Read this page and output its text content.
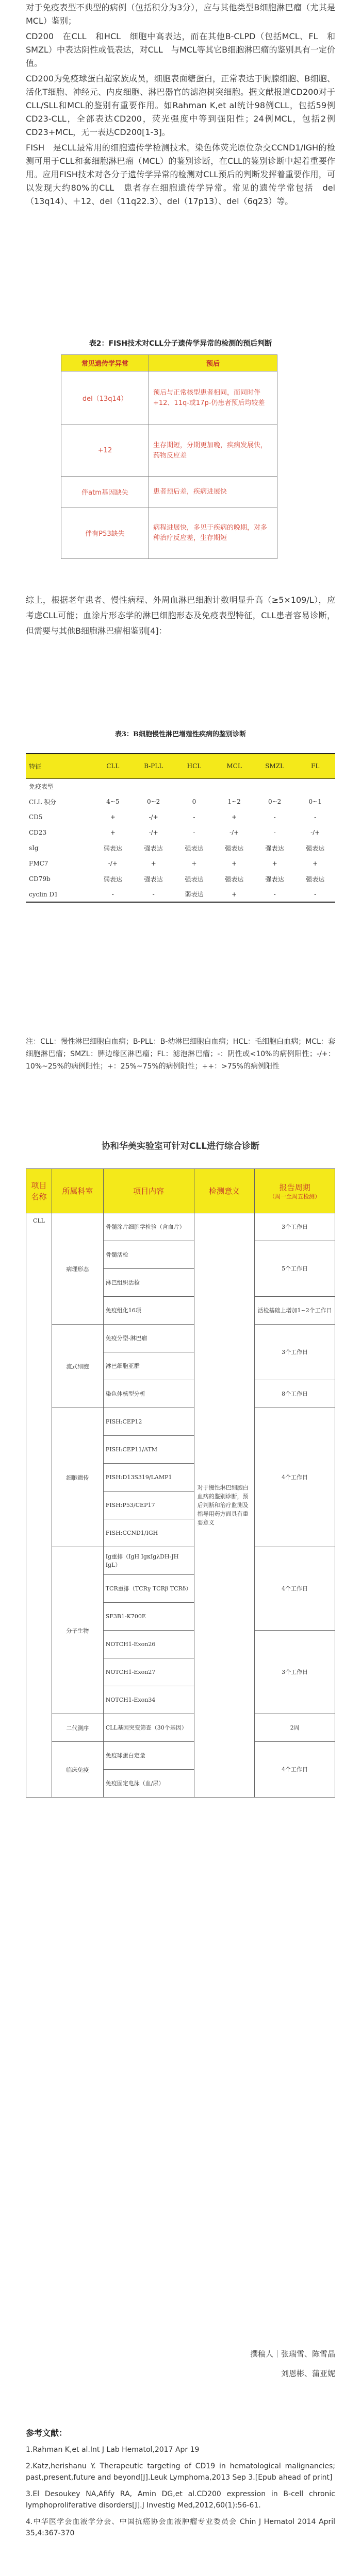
对于免疫表型不典型的病例（包括积分为3分），应与其他类型B细胞淋巴瘤（尤其是MCL）鉴别；

CD200　在CLL　和HCL　细胞中高表达，而在其他B-CLPD（包括MCL、FL　和SMZL）中表达阴性或低表达，对CLL　与MCL等其它B细胞淋巴瘤的鉴别具有一定价值。

CD200为免疫球蛋白超家族成员，细胞表面糖蛋白，正常表达于胸腺细胞、B细胞、活化T细胞、神经元、内皮细胞、淋巴器官的滤泡树突细胞。据文献报道CD200对于CLL/SLL和MCL的鉴别有重要作用。如Rahman K,et al统计98例CLL，包括59例CD23-CLL，全部表达CD200，荧光强度中等到强阳性；24例MCL，包括2例CD23+MCL，无一表达CD200[1-3]。

FISH　是CLL最常用的细胞遗传学检测技术。染色体荧光原位杂交CCND1/IGH的检测可用于CLL和套细胞淋巴瘤（MCL）的鉴别诊断，在CLL的鉴别诊断中起着重要作用。应用FISH技术对各分子遗传学异常的检测对CLL预后的判断发挥着重要作用，可以发现大约80%的CLL　患者存在细胞遗传学异常。常见的遗传学常包括　del（13q14）、＋12、del（11q22.3）、del（17p13）、del（6q23）等。

表2：FISH技术对CLL分子遗传学异常的检测的预后判断
常见遗传学异常	预后
del（13q14）	预后与正常核型患者相同，而同时伴+12、11q-或17p-仍患者预后均较差
+12	生存期短，分期更加晚，疾病发展快，药物反应差
伴atm基因缺失	患者预后差，疾病进展快
伴有P53缺失	病程进展快，多见于疾病的晚期，对多种治疗反应差，生存期短

综上，根据老年患者、慢性病程、外周血淋巴细胞计数明显升高（≥5×109/L），应考虑CLL可能；血涂片形态学的淋巴细胞形态及免疫表型特征，CLL患者容易诊断，但需要与其他B细胞淋巴瘤相鉴别[4]：

表3：B细胞慢性淋巴增殖性疾病的鉴别诊断
特征	CLL	B-PLL	HCL	MCL	SMZL	FL
免疫表型						
CLL 积分	4~5	0~2	0	1~2	0~2	0~1
CD5	+	-/+	-	+	-	-
CD23	+	-/+	-	-/+	-	-/+
sIg	弱表达	强表达	强表达	强表达	强表达	强表达
FMC7	-/+	+	+	+	+	+
CD79b	弱表达	强表达	强表达	强表达	强表达	强表达
cyclin D1	-	-	弱表达	+	-	-
注：CLL：慢性淋巴细胞白血病；B-PLL：B-幼淋巴细胞白血病；HCL：毛细胞白血病；MCL：套细胞淋巴瘤；SMZL：脾边缘区淋巴瘤；FL：滤泡淋巴瘤；-：阴性或<10%的病例阳性；-/+：10%~25%的病例阳性；+：25%~75%的病例阳性；++：>75%的病例阳性
协和华美实验室可针对CLL进行综合诊断
项目名称	所属科室	项目内容	检测意义	报告周期
（周一至周五检测）

CLL	病理形态	骨髓涂片细胞学检验（含血片）	对于慢性淋巴细胞白血病的鉴别诊断，预后判断和治疗监测及指导用药方面具有重要意义	3个工作日
		骨髓活检		5个工作日
		淋巴组织活检		
		免疫组化16项		活检基础上增加1~2个工作日
	流式细胞	免疫分型-淋巴瘤		3个工作日
		淋巴细胞亚群		
		染色体核型分析		8个工作日
	细胞遗传	FISH:CEP12		4个工作日
		FISH:CEP11/ATM		
		FISH:D13S319/LAMP1		
		FISH:P53/CEP17		
		FISH:CCND1/IGH		
	分子生物	Ig重排（IgH IgκIgλDH-JH IgL）		4个工作日
		TCR重排（TCRγ TCRβ TCRδ）		
		SF3B1-K700E		
		NOTCH1-Exon26		3个工作日
		NOTCH1-Exon27		
		NOTCH1-Exon34		
	二代测序	CLL基因突变筛查（30个基因）		2周
	临床免疫	免疫球蛋白定量		4个工作日
		免疫固定电泳（血/尿）		
撰稿人｜张瑞雪、陈雪晶
刘恩彬、蒲亚妮
参考文献：

1.Rahman K,et al.Int J Lab Hematol,2017 Apr 19

2.Katz,herishanu Y. Therapeutic targeting of CD19 in hematological malignancies; past,present,future and beyond[J].Leuk Lymphoma,2013 Sep 3.[Epub ahead of print]

3.El Desoukey NA,Afify RA, Amin DG,et al.CD200 expression in B-cell chronic lymphoproliferative disorders[J].J Investig Med,2012,60(1):56-61.

4.中华医学会血液学分会、中国抗癌协会血液肿瘤专业委员会 Chin J Hematol 2014 April 35,4:367-370
